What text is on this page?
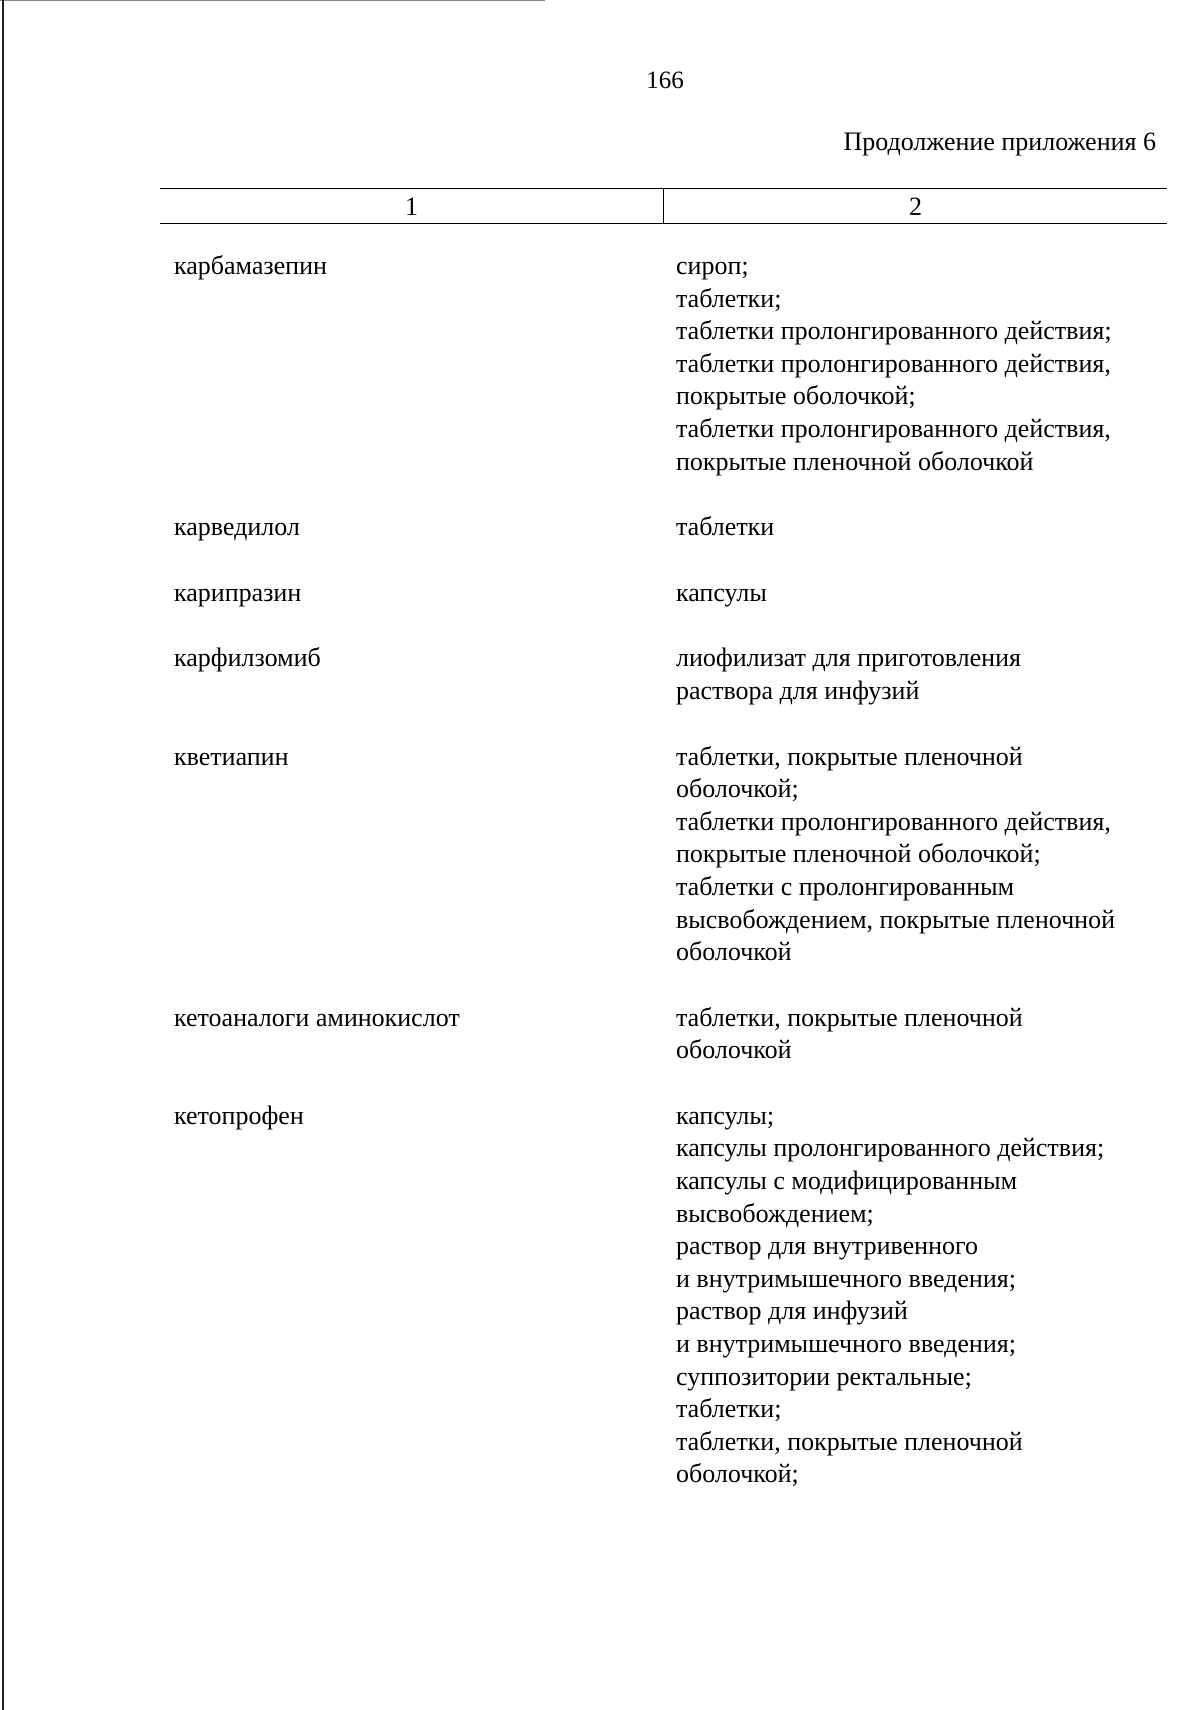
166
Продолжение приложения 6
1	2
карбамазепин	сироп;
таблетки;
таблетки пролонгированного действия;
таблетки пролонгированного действия,
покрытые оболочкой;
таблетки пролонгированного действия,
покрытые пленочной оболочкой
карведилол	таблетки
карипразин	капсулы
карфилзомиб	лиофилизат для приготовления
раствора для инфузий
кветиапин	таблетки, покрытые пленочной
оболочкой;
таблетки пролонгированного действия,
покрытые пленочной оболочкой;
таблетки с пролонгированным
высвобождением, покрытые пленочной
оболочкой
кетоаналоги аминокислот	таблетки, покрытые пленочной
оболочкой
кетопрофен	капсулы;
капсулы пролонгированного действия;
капсулы с модифицированным
высвобождением;
раствор для внутривенного
и внутримышечного введения;
раствор для инфузий
и внутримышечного введения;
суппозитории ректальные;
таблетки;
таблетки, покрытые пленочной
оболочкой;
